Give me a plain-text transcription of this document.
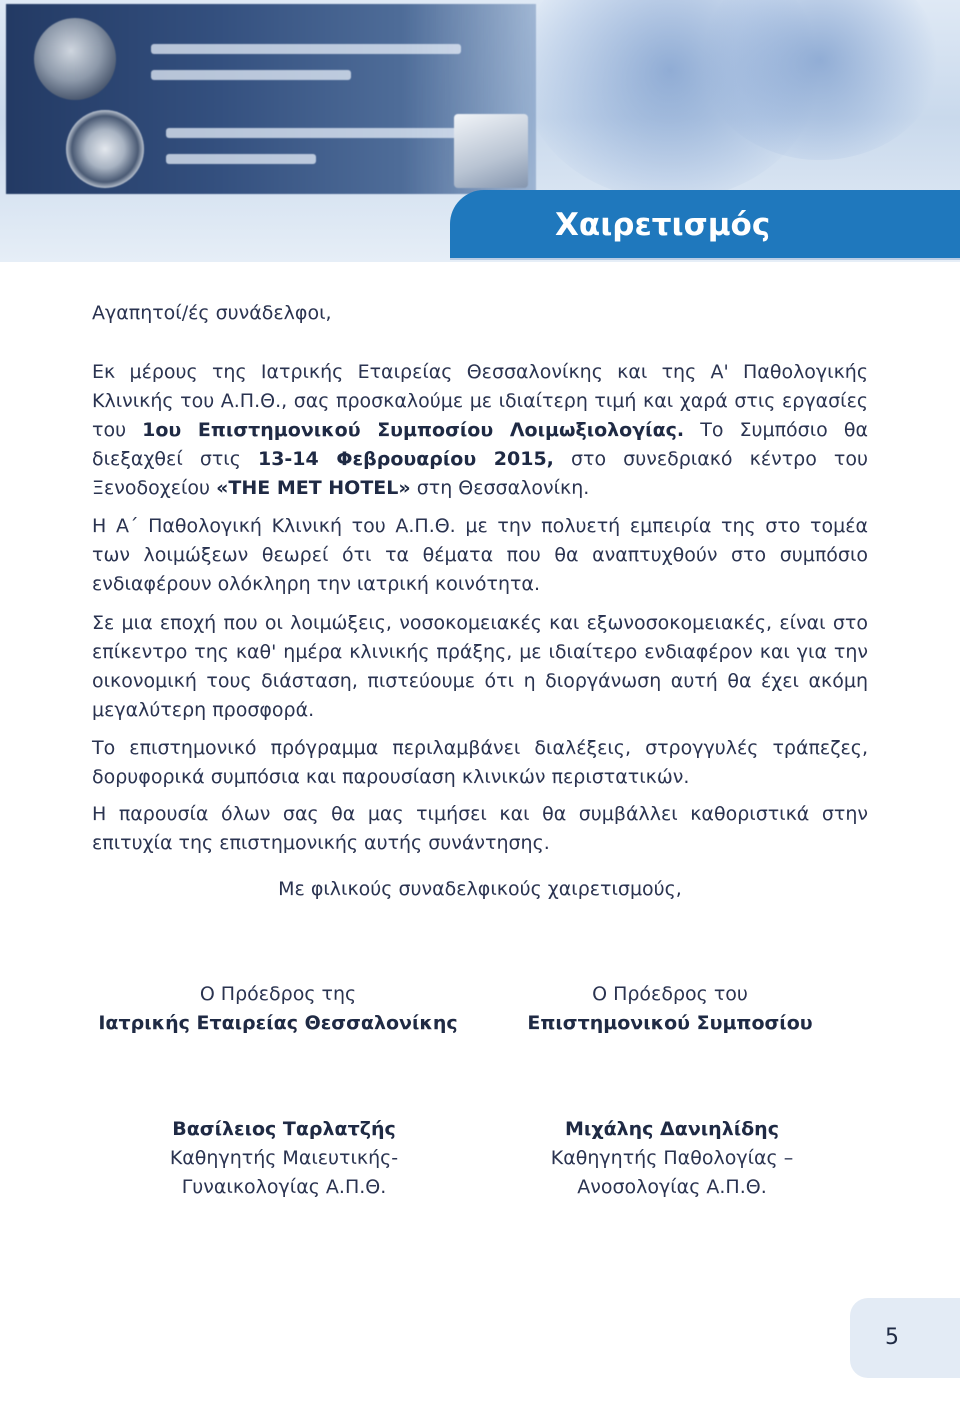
Χαιρετισμός
Αγαπητοί/ές συνάδελφοι,
Εκ μέρους της Ιατρικής Εταιρείας Θεσσαλονίκης και της Α' Παθολογικής Κλινικής του Α.Π.Θ., σας προσκαλούμε με ιδιαίτερη τιμή και χαρά στις εργασίες του 1ου Επιστημονικού Συμποσίου Λοιμωξιολογίας. Το Συμπόσιο θα διεξαχθεί στις 13-14 Φεβρουαρίου 2015, στο συνεδριακό κέντρο του Ξενοδοχείου «THE MET HOTEL» στη Θεσσαλονίκη.
Η Α΄ Παθολογική Κλινική του Α.Π.Θ. με την πολυετή εμπειρία της στο τομέα των λοιμώξεων θεωρεί ότι τα θέματα που θα αναπτυχθούν στο συμπόσιο ενδιαφέρουν ολόκληρη την ιατρική κοινότητα.
Σε μια εποχή που οι λοιμώξεις, νοσοκομειακές και εξωνοσοκομειακές, είναι στο επίκεντρο της καθ' ημέρα κλινικής πράξης, με ιδιαίτερο ενδιαφέρον και για την οικονομική τους διάσταση, πιστεύουμε ότι η διοργάνωση αυτή θα έχει ακόμη μεγαλύτερη προσφορά.
Το επιστημονικό πρόγραμμα περιλαμβάνει διαλέξεις, στρογγυλές τράπεζες, δορυφορικά συμπόσια και παρουσίαση κλινικών περιστατικών.
Η παρουσία όλων σας θα μας τιμήσει και θα συμβάλλει καθοριστικά στην επιτυχία της επιστημονικής αυτής συνάντησης.
Με φιλικούς συναδελφικούς χαιρετισμούς,
Ο Πρόεδρος της
Ιατρικής Εταιρείας Θεσσαλονίκης
Ο Πρόεδρος του
Επιστημονικού Συμποσίου
Βασίλειος Ταρλατζής
Καθηγητής Μαιευτικής-
Γυναικολογίας Α.Π.Θ.
Μιχάλης Δανιηλίδης
Καθηγητής Παθολογίας –
Ανοσολογίας Α.Π.Θ.
5
